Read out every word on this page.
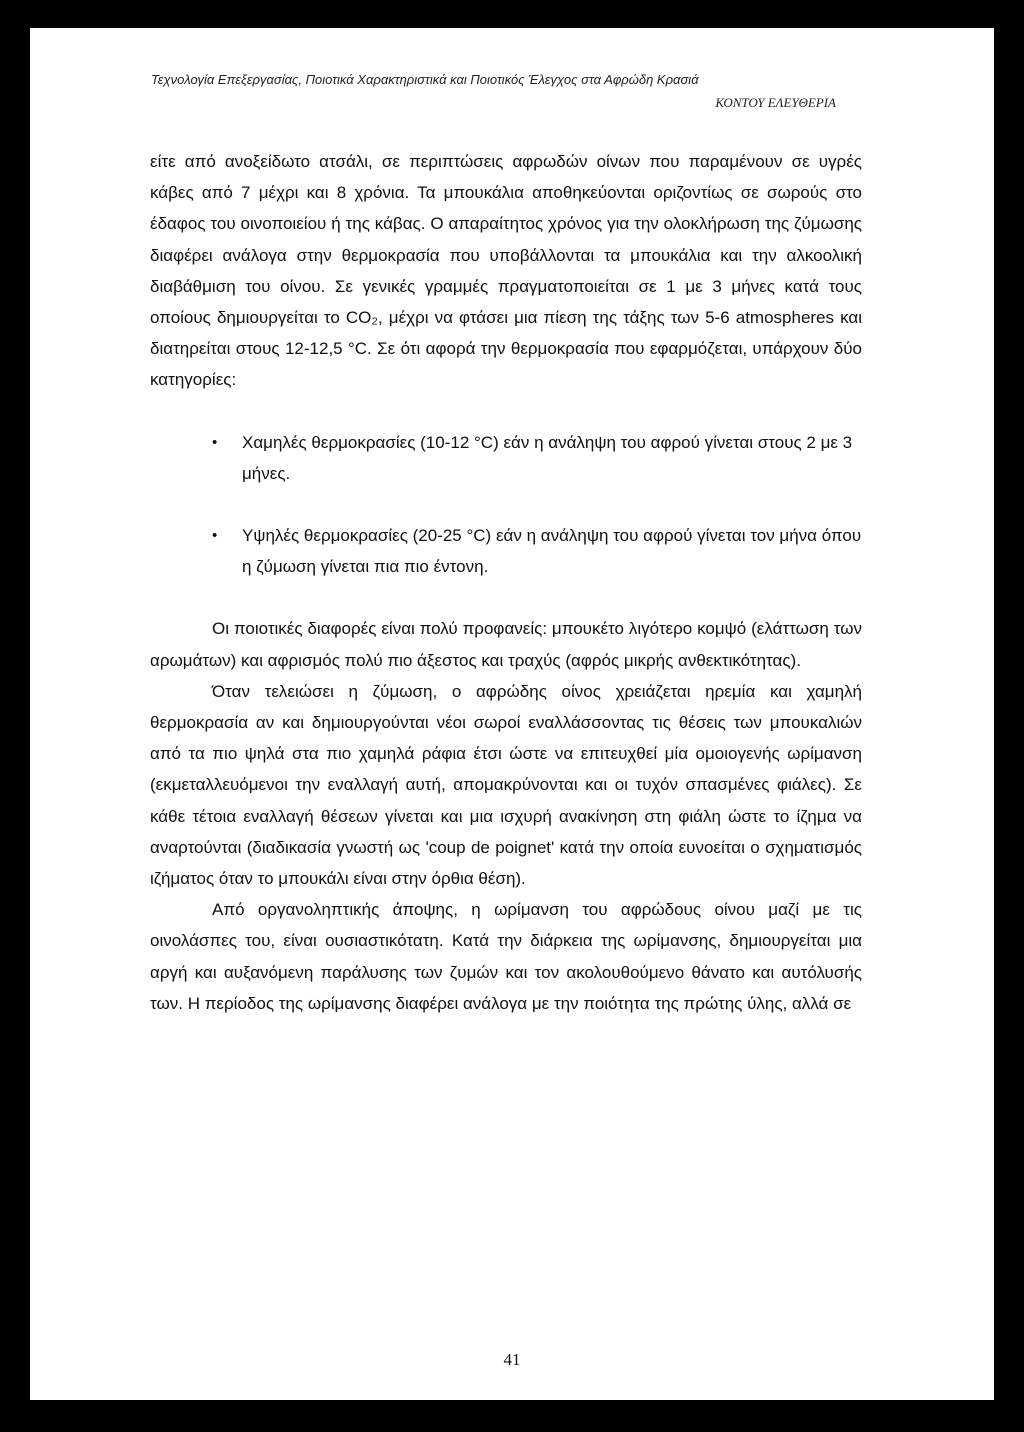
Τεχνολογία Επεξεργασίας, Ποιοτικά Χαρακτηριστικά και Ποιοτικός Έλεγχος στα Αφρώδη Κρασιά
ΚΟΝΤΟΥ ΕΛΕΥΘΕΡΙΑ

είτε από ανοξείδωτο ατσάλι, σε περιπτώσεις αφρωδών οίνων που παραμένουν σε υγρές κάβες από 7 μέχρι και 8 χρόνια. Τα μπουκάλια αποθηκεύονται οριζοντίως σε σωρούς στο έδαφος του οινοποιείου ή της κάβας. Ο απαραίτητος χρόνος για την ολοκλήρωση της ζύμωσης διαφέρει ανάλογα στην θερμοκρασία που υποβάλλονται τα μπουκάλια και την αλκοολική διαβάθμιση του οίνου. Σε γενικές γραμμές πραγματοποιείται σε 1 με 3 μήνες κατά τους οποίους δημιουργείται το CO₂, μέχρι να φτάσει μια πίεση της τάξης των 5-6 atmospheres και διατηρείται στους 12-12,5 °C. Σε ότι αφορά την θερμοκρασία που εφαρμόζεται, υπάρχουν δύο κατηγορίες:

• Χαμηλές θερμοκρασίες (10-12 °C) εάν η ανάληψη του αφρού γίνεται στους 2 με 3 μήνες.

• Υψηλές θερμοκρασίες (20-25 °C) εάν η ανάληψη του αφρού γίνεται τον μήνα όπου η ζύμωση γίνεται πια πιο έντονη.

Οι ποιοτικές διαφορές είναι πολύ προφανείς: μπουκέτο λιγότερο κομψό (ελάττωση των αρωμάτων) και αφρισμός πολύ πιο άξεστος και τραχύς (αφρός μικρής ανθεκτικότητας).

Όταν τελειώσει η ζύμωση, ο αφρώδης οίνος χρειάζεται ηρεμία και χαμηλή θερμοκρασία αν και δημιουργούνται νέοι σωροί εναλλάσσοντας τις θέσεις των μπουκαλιών από τα πιο ψηλά στα πιο χαμηλά ράφια έτσι ώστε να επιτευχθεί μία ομοιογενής ωρίμανση (εκμεταλλευόμενοι την εναλλαγή αυτή, απομακρύνονται και οι τυχόν σπασμένες φιάλες). Σε κάθε τέτοια εναλλαγή θέσεων γίνεται και μια ισχυρή ανακίνηση στη φιάλη ώστε το ίζημα να αναρτούνται (διαδικασία γνωστή ως 'coup de poignet' κατά την οποία ευνοείται ο σχηματισμός ιζήματος όταν το μπουκάλι είναι στην όρθια θέση).

Από οργανοληπτικής άποψης, η ωρίμανση του αφρώδους οίνου μαζί με τις οινολάσπες του, είναι ουσιαστικότατη. Κατά την διάρκεια της ωρίμανσης, δημιουργείται μια αργή και αυξανόμενη παράλυσης των ζυμών και τον ακολουθούμενο θάνατο και αυτόλυσής των. Η περίοδος της ωρίμανσης διαφέρει ανάλογα με την ποιότητα της πρώτης ύλης, αλλά σε

41
